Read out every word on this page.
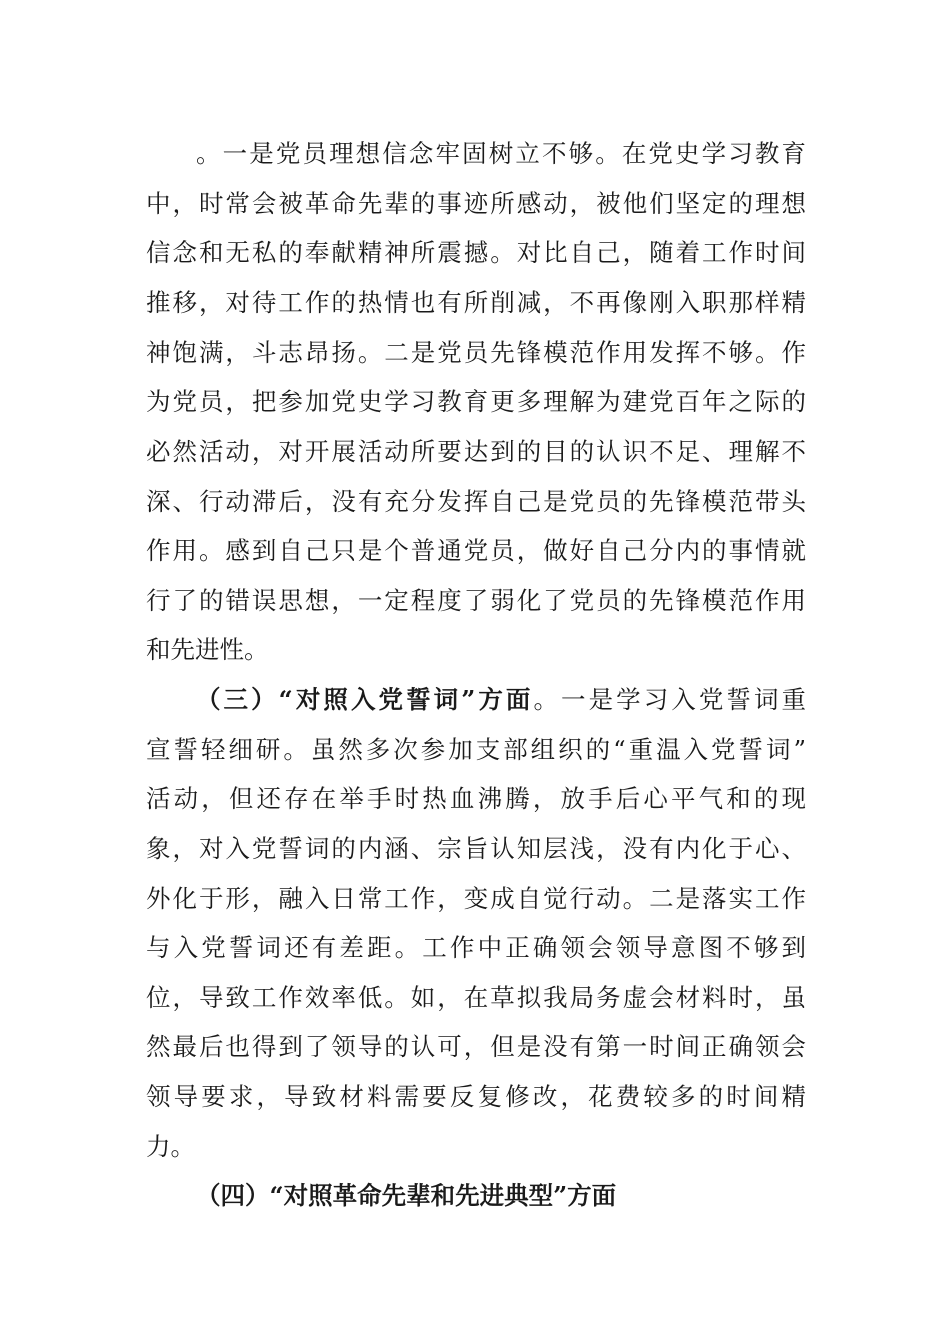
。一是党员理想信念牢固树立不够。在党史学习教育
中，时常会被革命先辈的事迹所感动，被他们坚定的理想
信念和无私的奉献精神所震撼。对比自己，随着工作时间
推移，对待工作的热情也有所削减，不再像刚入职那样精
神饱满，斗志昂扬。二是党员先锋模范作用发挥不够。作
为党员，把参加党史学习教育更多理解为建党百年之际的
必然活动，对开展活动所要达到的目的认识不足、理解不
深、行动滞后，没有充分发挥自己是党员的先锋模范带头
作用。感到自己只是个普通党员，做好自己分内的事情就
行了的错误思想，一定程度了弱化了党员的先锋模范作用
和先进性。
（三）“对照入党誓词”方面。一是学习入党誓词重
宣誓轻细研。虽然多次参加支部组织的“重温入党誓词”
活动，但还存在举手时热血沸腾，放手后心平气和的现
象，对入党誓词的内涵、宗旨认知层浅，没有内化于心、
外化于形，融入日常工作，变成自觉行动。二是落实工作
与入党誓词还有差距。工作中正确领会领导意图不够到
位，导致工作效率低。如，在草拟我局务虚会材料时，虽
然最后也得到了领导的认可，但是没有第一时间正确领会
领导要求，导致材料需要反复修改，花费较多的时间精
力。
（四）“对照革命先辈和先进典型”方面
